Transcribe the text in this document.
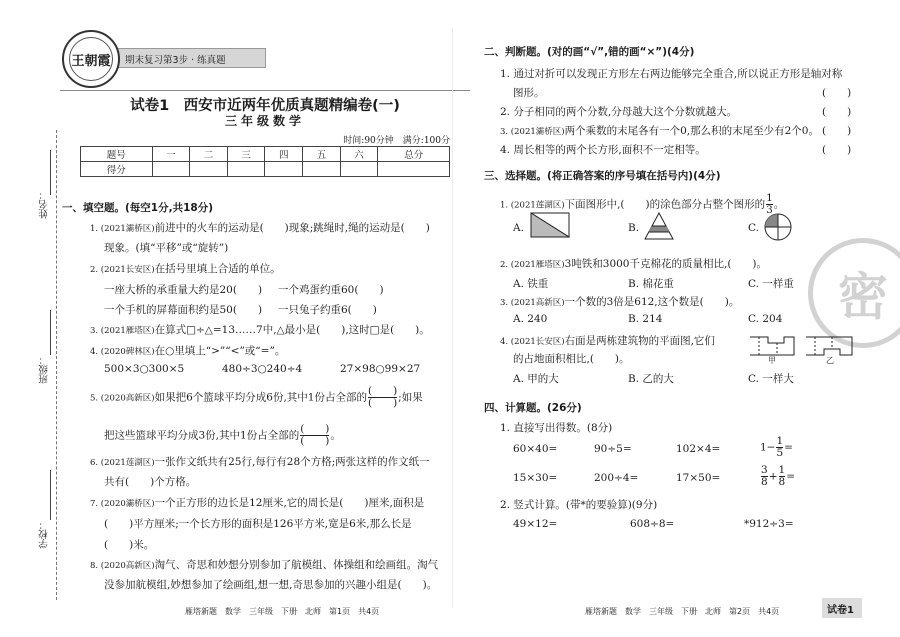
姓名：
班级：
学校：
期末复习第3步 · 练真题
王朝霞
试卷1　西安市近两年优质真题精编卷(一)
三年级数学
时间:90分钟　满分:100分
题号	一	二	三	四	五	六	总分
得分							
一、填空题。(每空1分,共18分)
1. (2021灞桥区)前进中的火车的运动是(　　)现象;跳绳时,绳的运动是(　　)
现象。(填“平移”或“旋转”)
2. (2021长安区)在括号里填上合适的单位。
一座大桥的承重量大约是20(　　) 一个鸡蛋约重60(　　)
一个手机的屏幕面积约是50(　　) 一只兔子约重6(　　)
3. (2021雁塔区)在算式□÷△=13……7中,△最小是(　　),这时□是(　　)。
4. (2020碑林区)在○里填上“>”“<”或“=”。
500×3○300×5	480÷3○240÷4	27×98○99×27
5. (2020高新区)如果把6个篮球平均分成6份,其中1份占全部的 $\frac{( )}{( )}$ ;如果
把这些篮球平均分成3份,其中1份占全部的 $\frac{( )}{( )}$ 。
6. (2021莲湖区)一张作文纸共有25行,每行有28个方格;两张这样的作文纸一
共有(　　)个方格。
7. (2020灞桥区)一个正方形的边长是12厘米,它的周长是(　　)厘米,面积是
(　　)平方厘米;一个长方形的面积是126平方米,宽是6米,那么长是
(　　)米。
8. (2020高新区)淘气、奇思和妙想分别参加了航模组、体操组和绘画组。淘气
没参加航模组,妙想参加了绘画组,想一想,奇思参加的兴趣小组是(　　)。
雁塔新题　数学　三年级　下册　北师　第1页　共4页
密
二、判断题。(对的画“√”,错的画“×”)(4分)
1. 通过对折可以发现正方形左右两边能够完全重合,所以说正方形是轴对称
图形。	(　　)
2. 分子相同的两个分数,分母越大这个分数就越大。	(　　)
3. (2021灞桥区)两个乘数的末尾各有一个0,那么积的末尾至少有2个0。 (　　)
4. 周长相等的两个长方形,面积不一定相等。	(　　)
三、选择题。(将正确答案的序号填在括号内)(4分)
1. (2021莲湖区)下面图形中,(　　)的涂色部分占整个图形的 $\frac{1}{3}$ 。
A.	B.	C.
2. (2021雁塔区)3吨铁和3000千克棉花的质量相比,(　　)。
A. 铁重	B. 棉花重	C. 一样重
3. (2021高新区)一个数的3倍是612,这个数是(　　)。
A. 240	B. 214	C. 204
4. (2021长安区)右面是两栋建筑物的平面图,它们
的占地面积相比,(　　)。	甲	乙
A. 甲的大	B. 乙的大	C. 一样大
四、计算题。(26分)
1. 直接写出得数。(8分)
60×40=	90÷5=	102×4=	$1- \frac{1}{5}$ =
15×30=	200÷4=	17×50=	$\frac{3}{8} + \frac{1}{8}$ =
2. 竖式计算。(带*的要验算)(9分)
49×12=	608÷8=	*912÷3=
雁塔新题　数学　三年级　下册　北师　第2页　共4页	试卷1
